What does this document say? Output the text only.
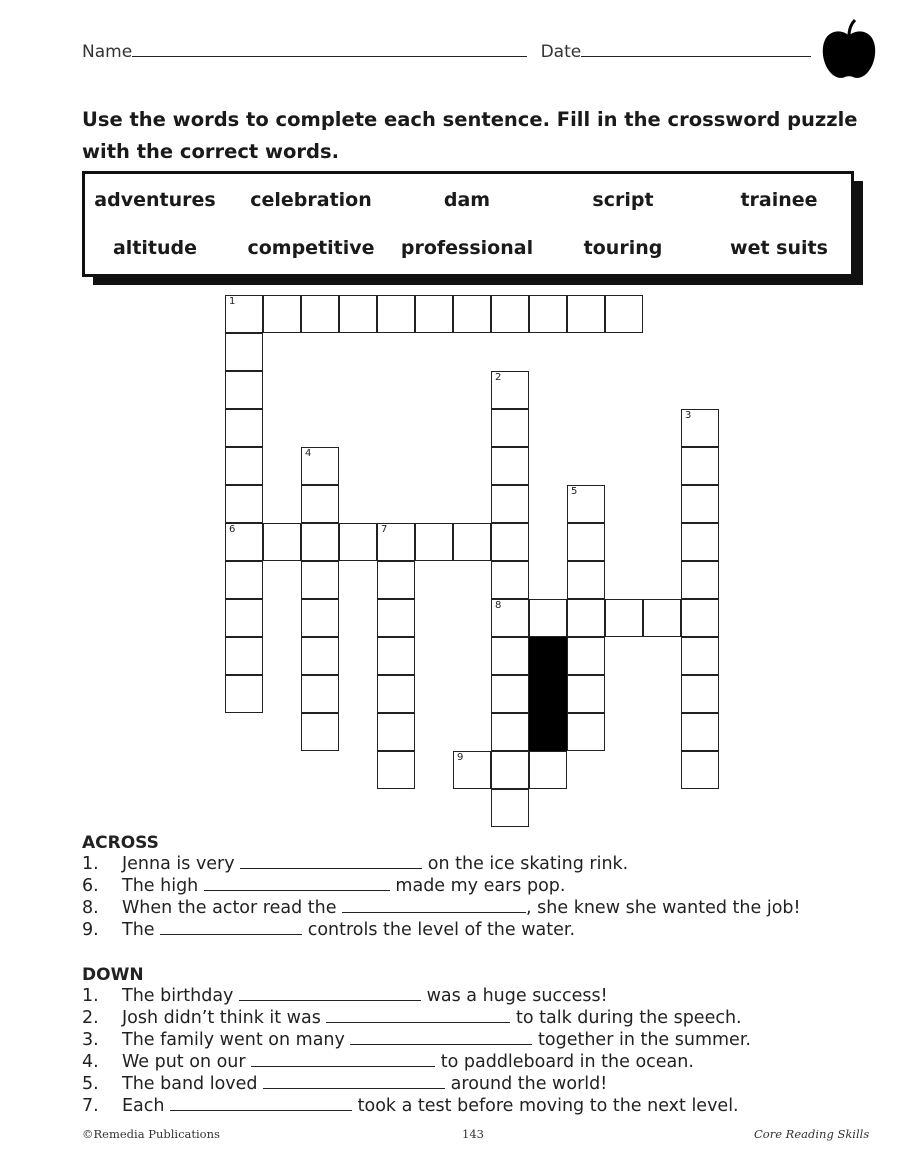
Name	Date
Use the words to complete each sentence. Fill in the crossword puzzle with the correct words.
adventures	celebration	dam	script	trainee
altitude	competitive	professional	touring	wet suits
1
6
2
8
3
4
5
7
9
ACROSS
1. Jenna is very	on the ice skating rink.
6. The high	made my ears pop.
8. When the actor read the	, she knew she wanted the job!
9. The	controls the level of the water.
DOWN
1. The birthday	was a huge success!
2. Josh didn’t think it was	to talk during the speech.
3. The family went on many	together in the summer.
4. We put on our	to paddleboard in the ocean.
5. The band loved	around the world!
7. Each	took a test before moving to the next level.
©Remedia Publications	143	Core Reading Skills
